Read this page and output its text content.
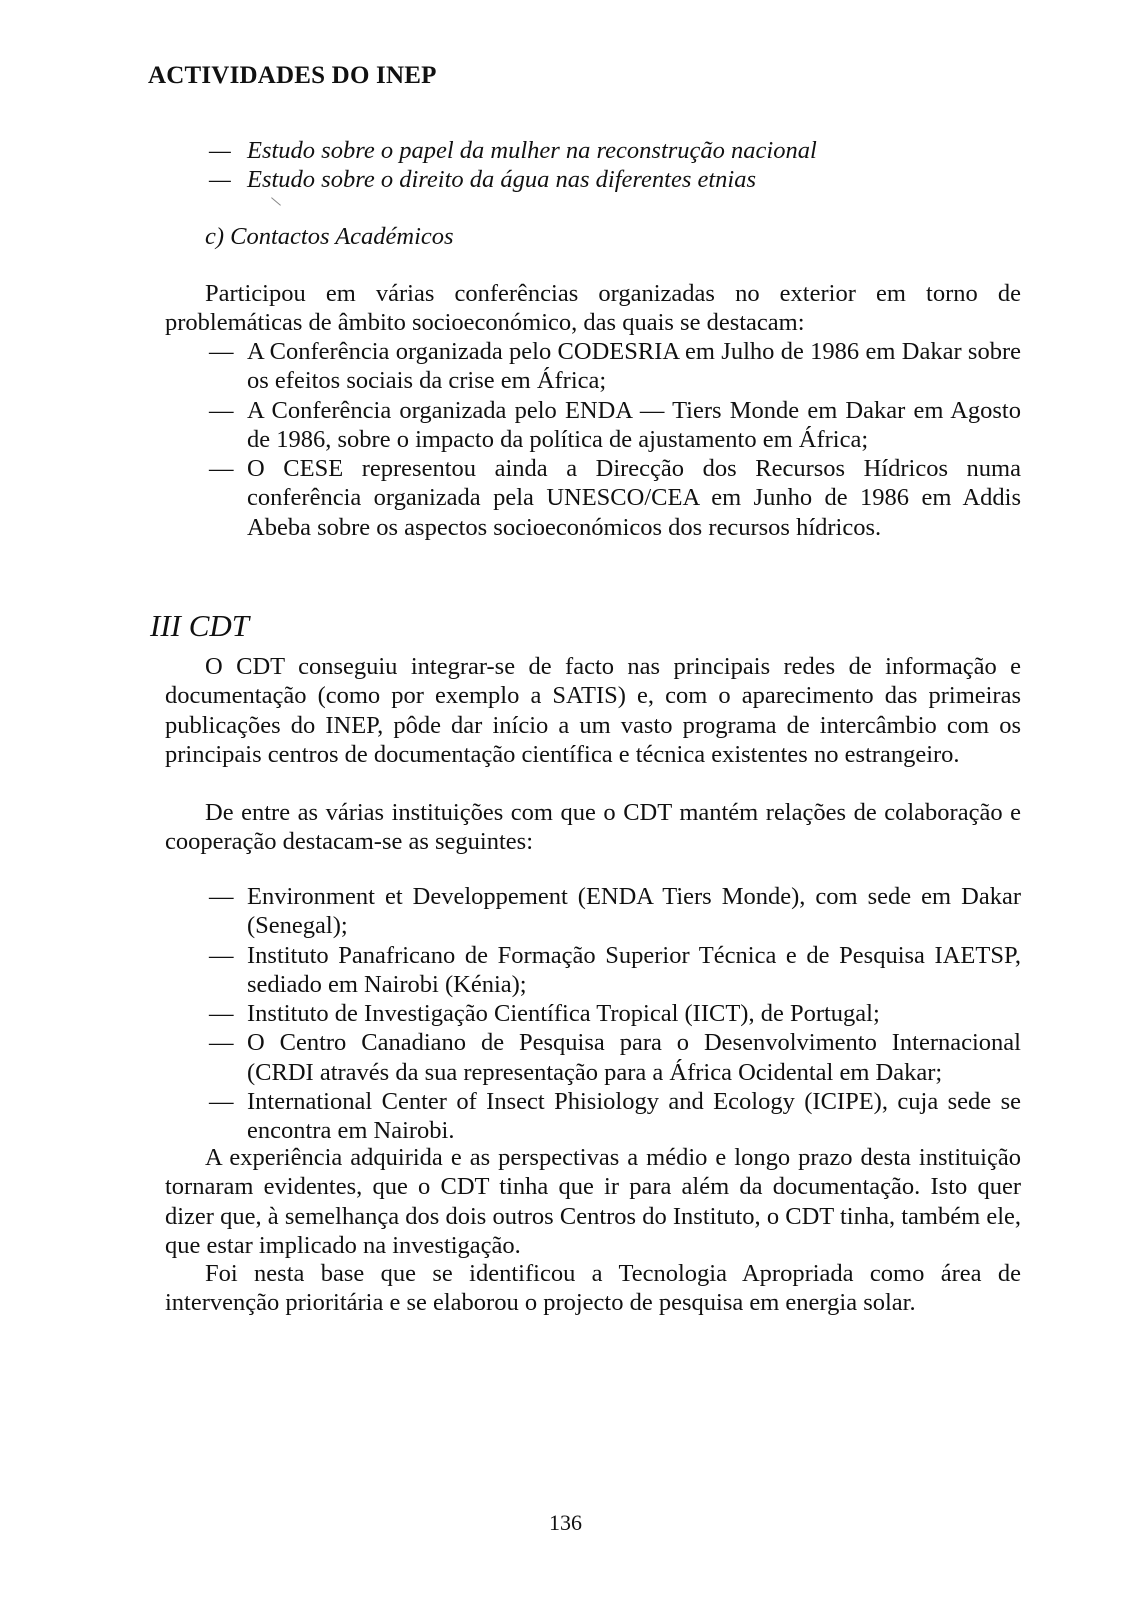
ACTIVIDADES DO INEP
— Estudo sobre o papel da mulher na reconstrução nacional
— Estudo sobre o direito da água nas diferentes etnias
c) Contactos Académicos
Participou em várias conferências organizadas no exterior em torno de problemáticas de âmbito socioeconómico, das quais se destacam:
— A Conferência organizada pelo CODESRIA em Julho de 1986 em Dakar sobre os efeitos sociais da crise em África;
— A Conferência organizada pelo ENDA — Tiers Monde em Dakar em Agosto de 1986, sobre o impacto da política de ajustamento em África;
— O CESE representou ainda a Direcção dos Recursos Hídricos numa conferência organizada pela UNESCO/CEA em Junho de 1986 em Addis Abeba sobre os aspectos socioeconómicos dos recursos hídricos.
III CDT
O CDT conseguiu integrar-se de facto nas principais redes de informação e documentação (como por exemplo a SATIS) e, com o aparecimento das primeiras publicações do INEP, pôde dar início a um vasto programa de intercâmbio com os principais centros de documentação científica e técnica existentes no estrangeiro.
De entre as várias instituições com que o CDT mantém relações de colaboração e cooperação destacam-se as seguintes:
— Environment et Developpement (ENDA Tiers Monde), com sede em Dakar (Senegal);
— Instituto Panafricano de Formação Superior Técnica e de Pesquisa IAETSP, sediado em Nairobi (Kénia);
— Instituto de Investigação Científica Tropical (IICT), de Portugal;
— O Centro Canadiano de Pesquisa para o Desenvolvimento Internacional (CRDI através da sua representação para a África Ocidental em Dakar;
— International Center of Insect Phisiology and Ecology (ICIPE), cuja sede se encontra em Nairobi.
A experiência adquirida e as perspectivas a médio e longo prazo desta instituição tornaram evidentes, que o CDT tinha que ir para além da documentação. Isto quer dizer que, à semelhança dos dois outros Centros do Instituto, o CDT tinha, também ele, que estar implicado na investigação.
Foi nesta base que se identificou a Tecnologia Apropriada como área de intervenção prioritária e se elaborou o projecto de pesquisa em energia solar.
136
